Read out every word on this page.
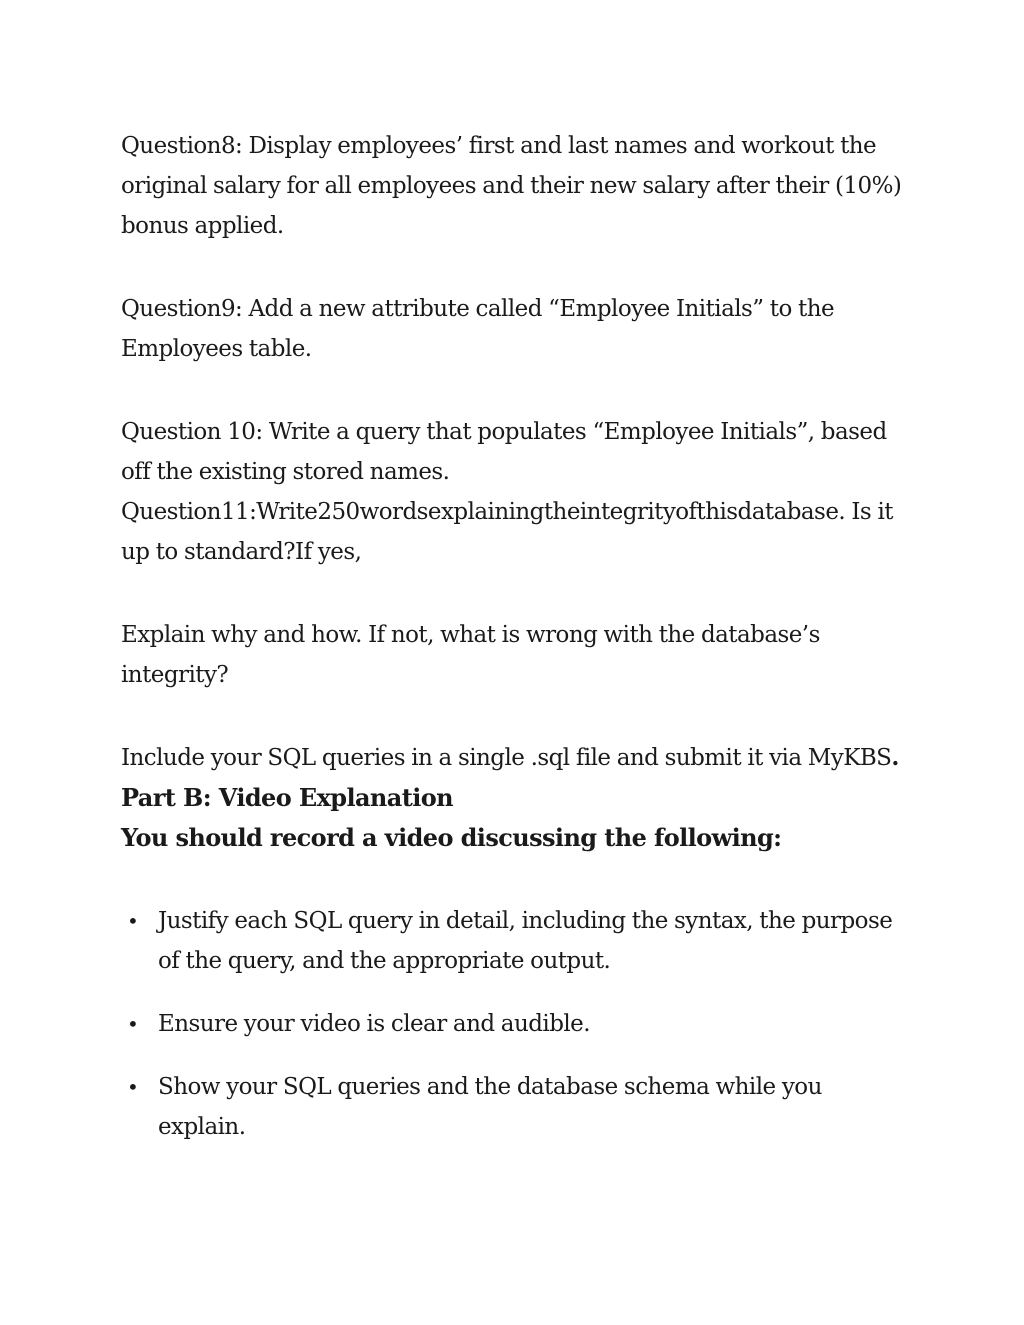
Question8: Display employees’ first and last names and workout the original salary for all employees and their new salary after their (10%) bonus applied.

Question9: Add a new attribute called “Employee Initials” to the Employees table.

Question 10: Write a query that populates “Employee Initials”, based off the existing stored names.

Question11:Write250wordsexplainingtheintegrityofthisdatabase. Is it up to standard?If yes,

Explain why and how. If not, what is wrong with the database’s integrity?

Include your SQL queries in a single .sql file and submit it via MyKBS.

Part B: Video Explanation
You should record a video discussing the following:
• Justify each SQL query in detail, including the syntax, the purpose of the query, and the appropriate output.
• Ensure your video is clear and audible.
• Show your SQL queries and the database schema while you explain.
